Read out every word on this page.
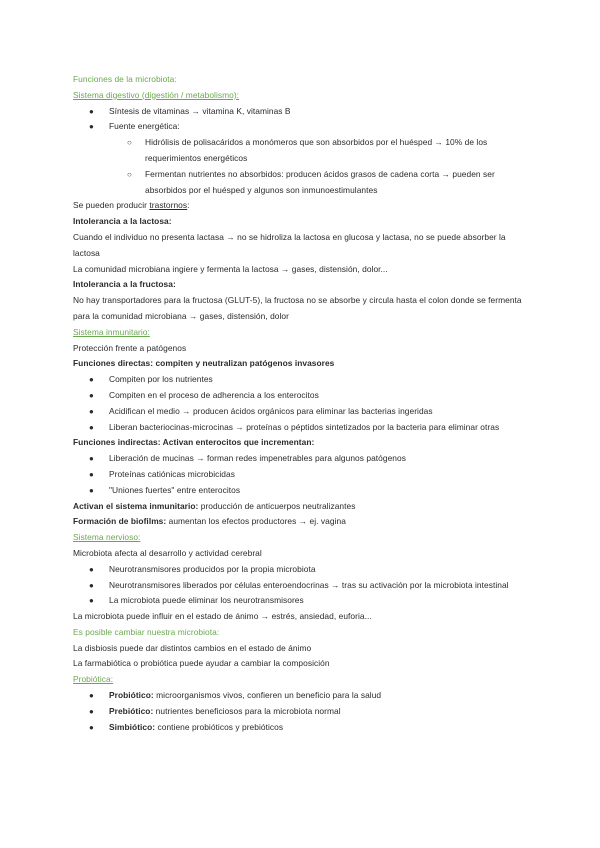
Funciones de la microbiota:
Sistema digestivo (digestión / metabolismo):
● Síntesis de vitaminas → vitamina K, vitaminas B
● Fuente energética:
○ Hidrólisis de polisacáridos a monómeros que son absorbidos por el huésped → 10% de los requerimientos energéticos
○ Fermentan nutrientes no absorbidos: producen ácidos grasos de cadena corta → pueden ser absorbidos por el huésped y algunos son inmunoestimulantes
Se pueden producir trastornos:
Intolerancia a la lactosa:
Cuando el individuo no presenta lactasa → no se hidroliza la lactosa en glucosa y lactasa, no se puede absorber la lactosa
La comunidad microbiana ingiere y fermenta la lactosa → gases, distensión, dolor...
Intolerancia a la fructosa:
No hay transportadores para la fructosa (GLUT-5), la fructosa no se absorbe y circula hasta el colon donde se fermenta para la comunidad microbiana → gases, distensión, dolor
Sistema inmunitario:
Protección frente a patógenos
Funciones directas: compiten y neutralizan patógenos invasores
● Compiten por los nutrientes
● Compiten en el proceso de adherencia a los enterocitos
● Acidifican el medio → producen ácidos orgánicos para eliminar las bacterias ingeridas
● Liberan bacteriocinas-microcinas → proteínas o péptidos sintetizados por la bacteria para eliminar otras
Funciones indirectas: Activan enterocitos que incrementan:
● Liberación de mucinas → forman redes impenetrables para algunos patógenos
● Proteínas catiónicas microbicidas
● "Uniones fuertes" entre enterocitos
Activan el sistema inmunitario: producción de anticuerpos neutralizantes
Formación de biofilms: aumentan los efectos productores → ej. vagina
Sistema nervioso:
Microbiota afecta al desarrollo y actividad cerebral
● Neurotransmisores producidos por la propia microbiota
● Neurotransmisores liberados por células enteroendocrinas → tras su activación por la microbiota intestinal
● La microbiota puede eliminar los neurotransmisores
La microbiota puede influir en el estado de ánimo → estrés, ansiedad, euforia...
Es posible cambiar nuestra microbiota:
La disbiosis puede dar distintos cambios en el estado de ánimo
La farmabiótica o probiótica puede ayudar a cambiar la composición
Probiótica:
● Probiótico: microorganismos vivos, confieren un beneficio para la salud
● Prebiótico: nutrientes beneficiosos para la microbiota normal
● Simbiótico: contiene probióticos y prebióticos
